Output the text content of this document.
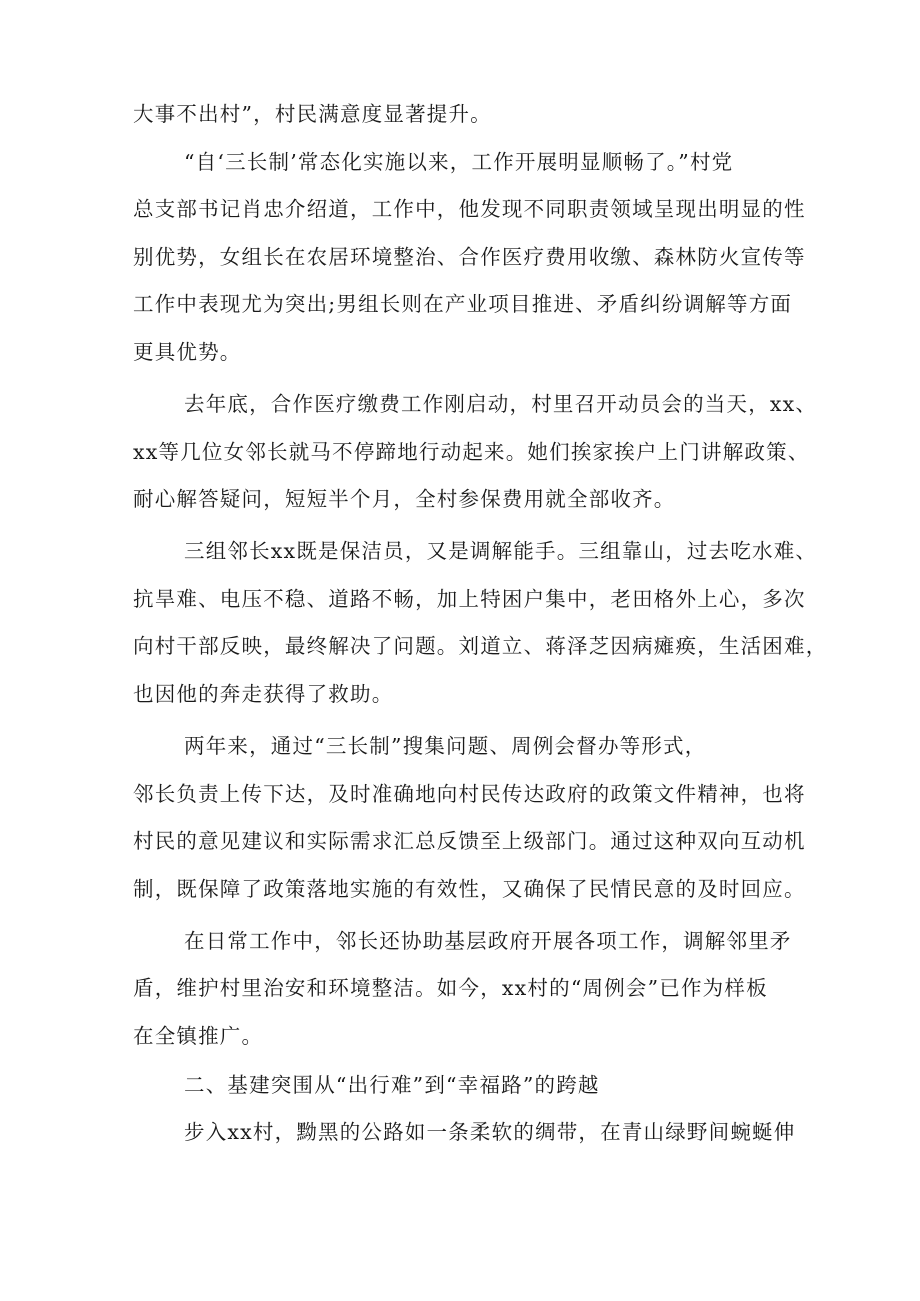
大事不出村”，村民满意度显著提升。
“自‘三长制’常态化实施以来，工作开展明显顺畅了。”村党
总支部书记肖忠介绍道，工作中，他发现不同职责领域呈现出明显的性
别优势，女组长在农居环境整治、合作医疗费用收缴、森林防火宣传等
工作中表现尤为突出;男组长则在产业项目推进、矛盾纠纷调解等方面
更具优势。
去年底，合作医疗缴费工作刚启动，村里召开动员会的当天，xx、
xx等几位女邻长就马不停蹄地行动起来。她们挨家挨户上门讲解政策、
耐心解答疑问，短短半个月，全村参保费用就全部收齐。
三组邻长xx既是保洁员，又是调解能手。三组靠山，过去吃水难、
抗旱难、电压不稳、道路不畅，加上特困户集中，老田格外上心，多次
向村干部反映，最终解决了问题。刘道立、蒋泽芝因病瘫痪，生活困难，
也因他的奔走获得了救助。
两年来，通过“三长制”搜集问题、周例会督办等形式，
邻长负责上传下达，及时准确地向村民传达政府的政策文件精神，也将
村民的意见建议和实际需求汇总反馈至上级部门。通过这种双向互动机
制，既保障了政策落地实施的有效性，又确保了民情民意的及时回应。
在日常工作中，邻长还协助基层政府开展各项工作，调解邻里矛
盾，维护村里治安和环境整洁。如今，xx村的“周例会”已作为样板
在全镇推广。
二、基建突围从“出行难”到“幸福路”的跨越
步入xx村，黝黑的公路如一条柔软的绸带，在青山绿野间蜿蜒伸
